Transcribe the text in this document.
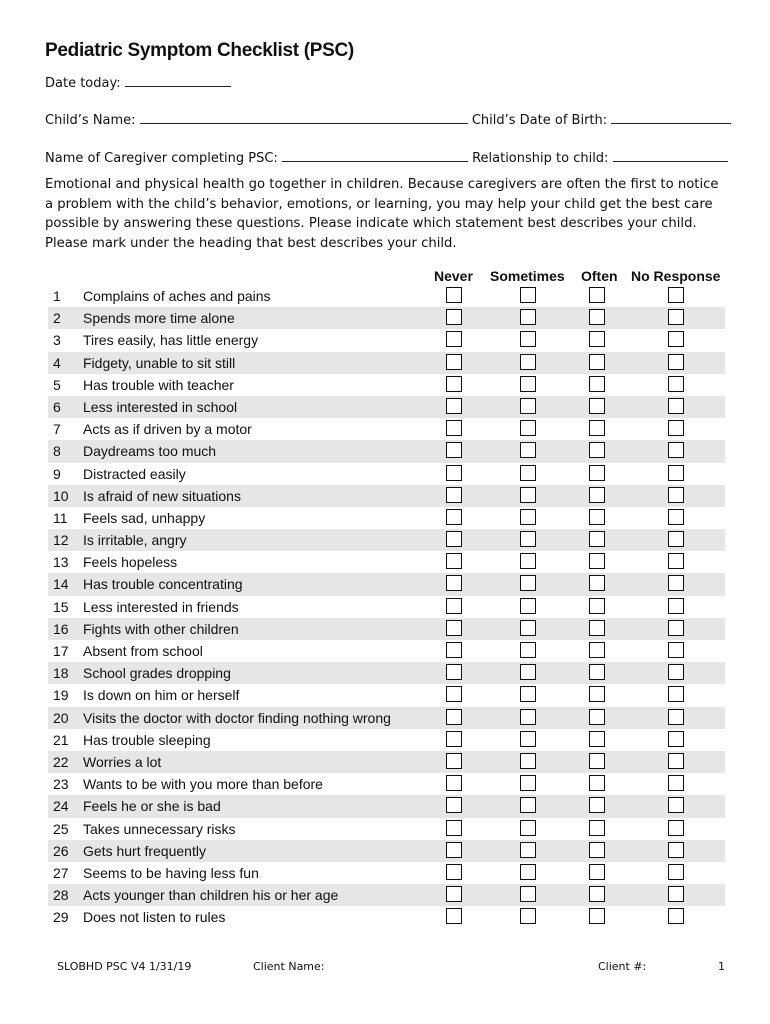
Pediatric Symptom Checklist (PSC)
Date today:
Child’s Name:	Child’s Date of Birth:
Name of Caregiver completing PSC:	Relationship to child:
Emotional and physical health go together in children. Because caregivers are often the first to notice a problem with the child’s behavior, emotions, or learning, you may help your child get the best care possible by answering these questions. Please indicate which statement best describes your child. Please mark under the heading that best describes your child.
Never Sometimes Often No Response
1	Complains of aches and pains
2	Spends more time alone
3	Tires easily, has little energy
4	Fidgety, unable to sit still
5	Has trouble with teacher
6	Less interested in school
7	Acts as if driven by a motor
8	Daydreams too much
9	Distracted easily
10	Is afraid of new situations
11	Feels sad, unhappy
12	Is irritable, angry
13	Feels hopeless
14	Has trouble concentrating
15	Less interested in friends
16	Fights with other children
17	Absent from school
18	School grades dropping
19	Is down on him or herself
20	Visits the doctor with doctor finding nothing wrong
21	Has trouble sleeping
22	Worries a lot
23	Wants to be with you more than before
24	Feels he or she is bad
25	Takes unnecessary risks
26	Gets hurt frequently
27	Seems to be having less fun
28	Acts younger than children his or her age
29	Does not listen to rules
SLOBHD PSC V4 1/31/19	Client Name:	Client #:	1
